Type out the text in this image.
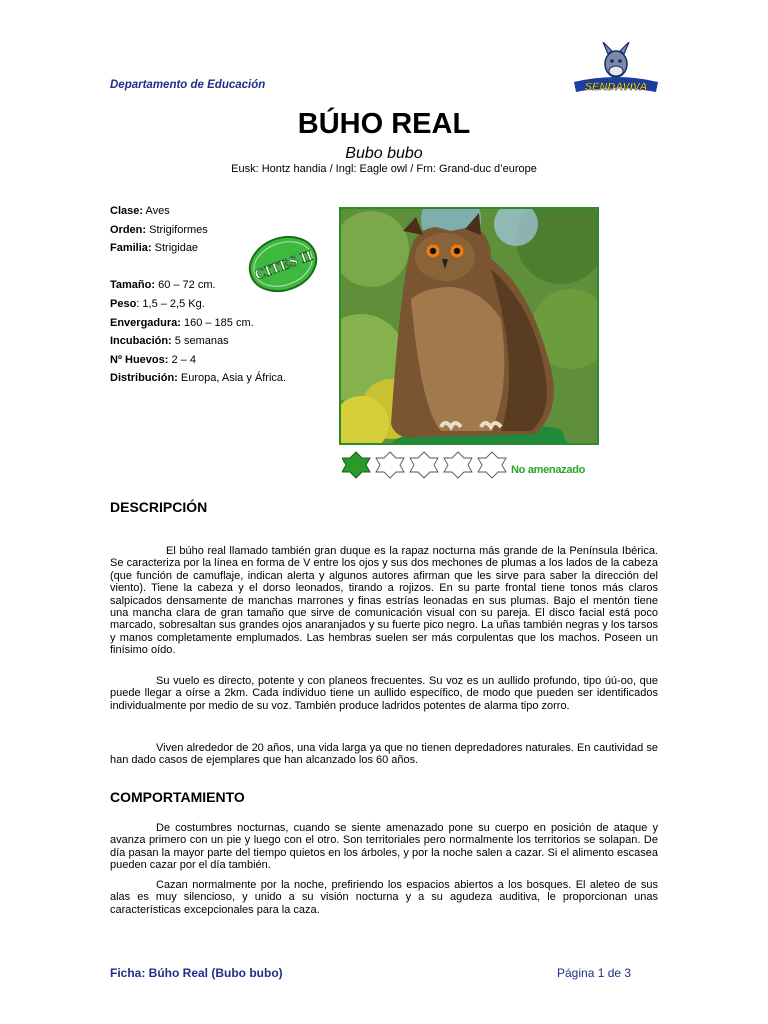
Departamento de Educación	SENDAVIVA
BÚHO REAL
Bubo bubo
Eusk: Hontz handia / Ingl: Eagle owl / Frn: Grand-duc d’europe
Clase: Aves
Orden: Strigiformes
Familia: Strigidae
Tamaño: 60 – 72 cm.
Peso: 1,5 – 2,5 Kg.
Envergadura: 160 – 185 cm.
Incubación: 5 semanas
Nº Huevos: 2 – 4
Distribución: Europa, Asia y África.
CITES II
No amenazado
DESCRIPCIÓN

El búho real llamado también gran duque es la rapaz nocturna más grande de la Península Ibérica. Se caracteriza por la línea en forma de V entre los ojos y sus dos mechones de plumas a los lados de la cabeza (que función de camuflaje, indican alerta y algunos autores afirman que les sirve para saber la dirección del viento). Tiene la cabeza y el dorso leonados, tirando a rojizos. En su parte frontal tiene tonos más claros salpicados densamente de manchas marrones y finas estrías leonadas en sus plumas. Bajo el mentón tiene una mancha clara de gran tamaño que sirve de comunicación visual con su pareja. El disco facial está poco marcado, sobresaltan sus grandes ojos anaranjados y su fuerte pico negro. La uñas también negras y los tarsos y manos completamente emplumados. Las hembras suelen ser más corpulentas que los machos. Poseen un finísimo oído.

Su vuelo es directo, potente y con planeos frecuentes. Su voz es un aullido profundo, tipo úú-oo, que puede llegar a oírse a 2km. Cada individuo tiene un aullido específico, de modo que pueden ser identificados individualmente por medio de su voz. También produce ladridos potentes de alarma tipo zorro.

Viven alrededor de 20 años, una vida larga ya que no tienen depredadores naturales. En cautividad se han dado casos de ejemplares que han alcanzado los 60 años.

COMPORTAMIENTO

De costumbres nocturnas, cuando se siente amenazado pone su cuerpo en posición de ataque y avanza primero con un pie y luego con el otro. Son territoriales pero normalmente los territorios se solapan. De día pasan la mayor parte del tiempo quietos en los árboles, y por la noche salen a cazar. Si el alimento escasea pueden cazar por el día también.

Cazan normalmente por la noche, prefiriendo los espacios abiertos a los bosques. El aleteo de sus alas es muy silencioso, y unido a su visión nocturna y a su agudeza auditiva, le proporcionan unas características excepcionales para la caza.

Ficha: Búho Real (Bubo bubo)	Página 1 de 3
